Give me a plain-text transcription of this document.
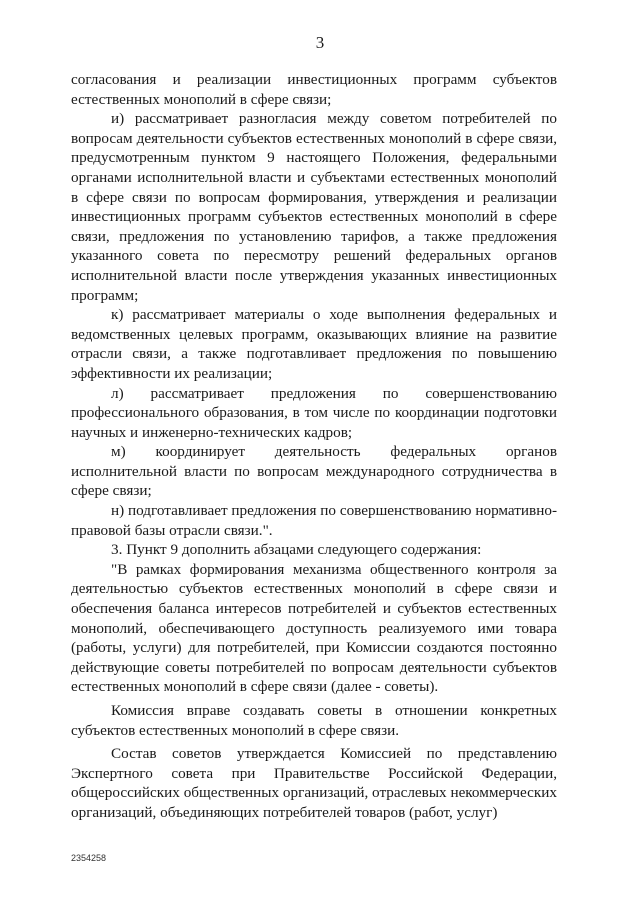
3

согласования и реализации инвестиционных программ субъектов естественных монополий в сфере связи;

и) рассматривает разногласия между советом потребителей по вопросам деятельности субъектов естественных монополий в сфере связи, предусмотренным пунктом 9 настоящего Положения, федеральными органами исполнительной власти и субъектами естественных монополий в сфере связи по вопросам формирования, утверждения и реализации инвестиционных программ субъектов естественных монополий в сфере связи, предложения по установлению тарифов, а также предложения указанного совета по пересмотру решений федеральных органов исполнительной власти после утверждения указанных инвестиционных программ;

к) рассматривает материалы о ходе выполнения федеральных и ведомственных целевых программ, оказывающих влияние на развитие отрасли связи, а также подготавливает предложения по повышению эффективности их реализации;

л) рассматривает предложения по совершенствованию профессионального образования, в том числе по координации подготовки научных и инженерно-технических кадров;

м) координирует деятельность федеральных органов исполнительной власти по вопросам международного сотрудничества в сфере связи;

н) подготавливает предложения по совершенствованию нормативно-правовой базы отрасли связи.".

3. Пункт 9 дополнить абзацами следующего содержания:

"В рамках формирования механизма общественного контроля за деятельностью субъектов естественных монополий в сфере связи и обеспечения баланса интересов потребителей и субъектов естественных монополий, обеспечивающего доступность реализуемого ими товара (работы, услуги) для потребителей, при Комиссии создаются постоянно действующие советы потребителей по вопросам деятельности субъектов естественных монополий в сфере связи (далее - советы).

Комиссия вправе создавать советы в отношении конкретных субъектов естественных монополий в сфере связи.

Состав советов утверждается Комиссией по представлению Экспертного совета при Правительстве Российской Федерации, общероссийских общественных организаций, отраслевых некоммерческих организаций, объединяющих потребителей товаров (работ, услуг)

2354258
